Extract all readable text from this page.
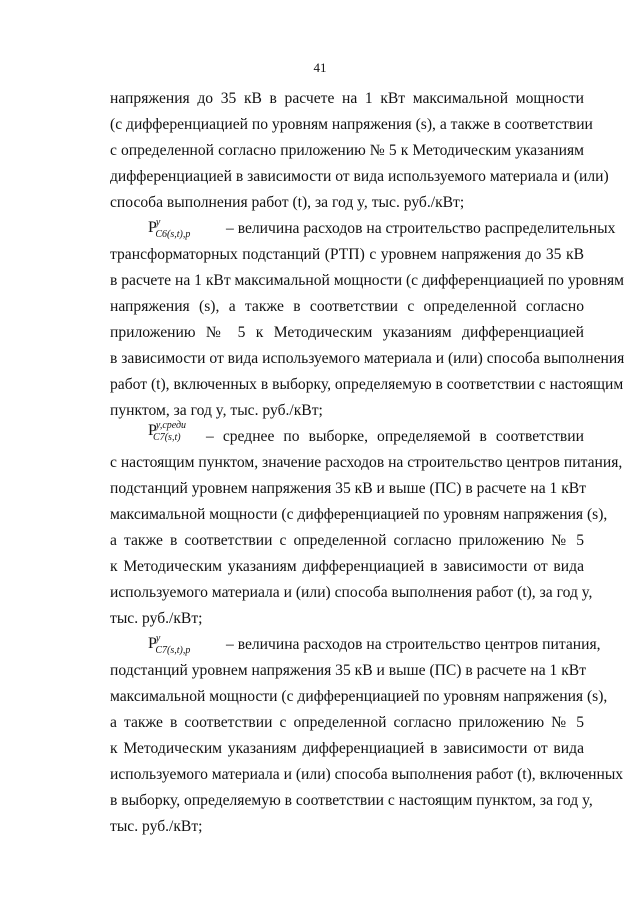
41
напряжения до 35 кВ в расчете на 1 кВт максимальной мощности
(с дифференциацией по уровням напряжения (s), а также в соответствии
с определенной согласно приложению № 5 к Методическим указаниям
дифференциацией в зависимости от вида используемого материала и (или)
способа выполнения работ (t), за год y, тыс. руб./кВт;
$P^у_{C6(s,t),p}$ – величина расходов на строительство распределительных
трансформаторных подстанций (РТП) с уровнем напряжения до 35 кВ
в расчете на 1 кВт максимальной мощности (с дифференциацией по уровням
напряжения (s), а также в соответствии с определенной согласно
приложению № 5 к Методическим указаниям дифференциацией
в зависимости от вида используемого материала и (или) способа выполнения
работ (t), включенных в выборку, определяемую в соответствии с настоящим
пунктом, за год y, тыс. руб./кВт;
$P^{у,среди}_{C7(s,t)}$ – среднее по выборке, определяемой в соответствии
с настоящим пунктом, значение расходов на строительство центров питания,
подстанций уровнем напряжения 35 кВ и выше (ПС) в расчете на 1 кВт
максимальной мощности (с дифференциацией по уровням напряжения (s),
а также в соответствии с определенной согласно приложению № 5
к Методическим указаниям дифференциацией в зависимости от вида
используемого материала и (или) способа выполнения работ (t), за год y,
тыс. руб./кВт;
$P^у_{C7(s,t),p}$ – величина расходов на строительство центров питания,
подстанций уровнем напряжения 35 кВ и выше (ПС) в расчете на 1 кВт
максимальной мощности (с дифференциацией по уровням напряжения (s),
а также в соответствии с определенной согласно приложению № 5
к Методическим указаниям дифференциацией в зависимости от вида
используемого материала и (или) способа выполнения работ (t), включенных
в выборку, определяемую в соответствии с настоящим пунктом, за год y,
тыс. руб./кВт;
